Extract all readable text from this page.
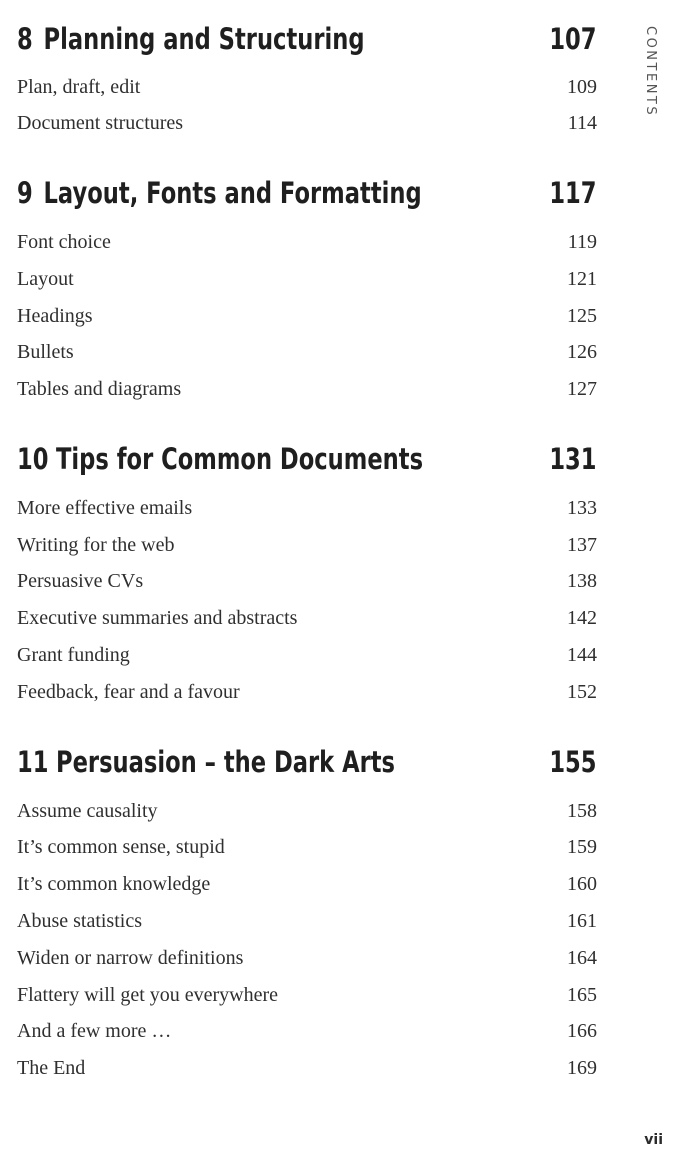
CONTENTS
8 Planning and Structuring	107
Plan, draft, edit	109
Document structures	114
9 Layout, Fonts and Formatting	117
Font choice	119
Layout	121
Headings	125
Bullets	126
Tables and diagrams	127
10 Tips for Common Documents	131
More effective emails	133
Writing for the web	137
Persuasive CVs	138
Executive summaries and abstracts	142
Grant funding	144
Feedback, fear and a favour	152
11 Persuasion – the Dark Arts	155
Assume causality	158
It’s common sense, stupid	159
It’s common knowledge	160
Abuse statistics	161
Widen or narrow definitions	164
Flattery will get you everywhere	165
And a few more …	166
The End	169
vii
